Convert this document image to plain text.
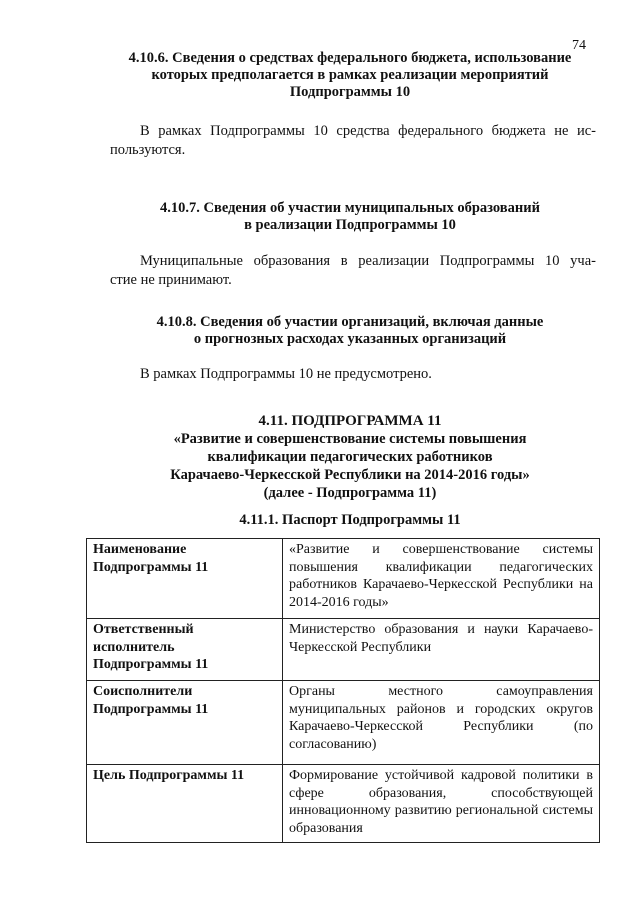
74
4.10.6. Сведения о средствах федерального бюджета, использование
которых предполагается в рамках реализации мероприятий
Подпрограммы 10
В рамках Подпрограммы 10 средства федерального бюджета не ис-
пользуются.
4.10.7. Сведения об участии муниципальных образований
в реализации Подпрограммы 10
Муниципальные образования в реализации Подпрограммы 10 уча-
стие не принимают.
4.10.8. Сведения об участии организаций, включая данные
о прогнозных расходах указанных организаций
В рамках Подпрограммы 10 не предусмотрено.
4.11. ПОДПРОГРАММА 11
«Развитие и совершенствование системы повышения
квалификации педагогических работников
Карачаево-Черкесской Республики на 2014-2016 годы»
(далее - Подпрограмма 11)
4.11.1. Паспорт Подпрограммы 11
Наименование
Подпрограммы 11	«Развитие и совершенствование системы повышения квалификации педагогических работников Карачаево-Черкесской Республики на 2014-2016 годы»

Ответственный
исполнитель
Подпрограммы 11	Министерство образования и науки Карачаево-Черкесской Республики

Соисполнители
Подпрограммы 11	Органы местного самоуправления муниципальных районов и городских округов Карачаево-Черкесской Республики (по согласованию)

Цель Подпрограммы 11	Формирование устойчивой кадровой политики в сфере образования, способствующей инновационному развитию региональной системы образования
